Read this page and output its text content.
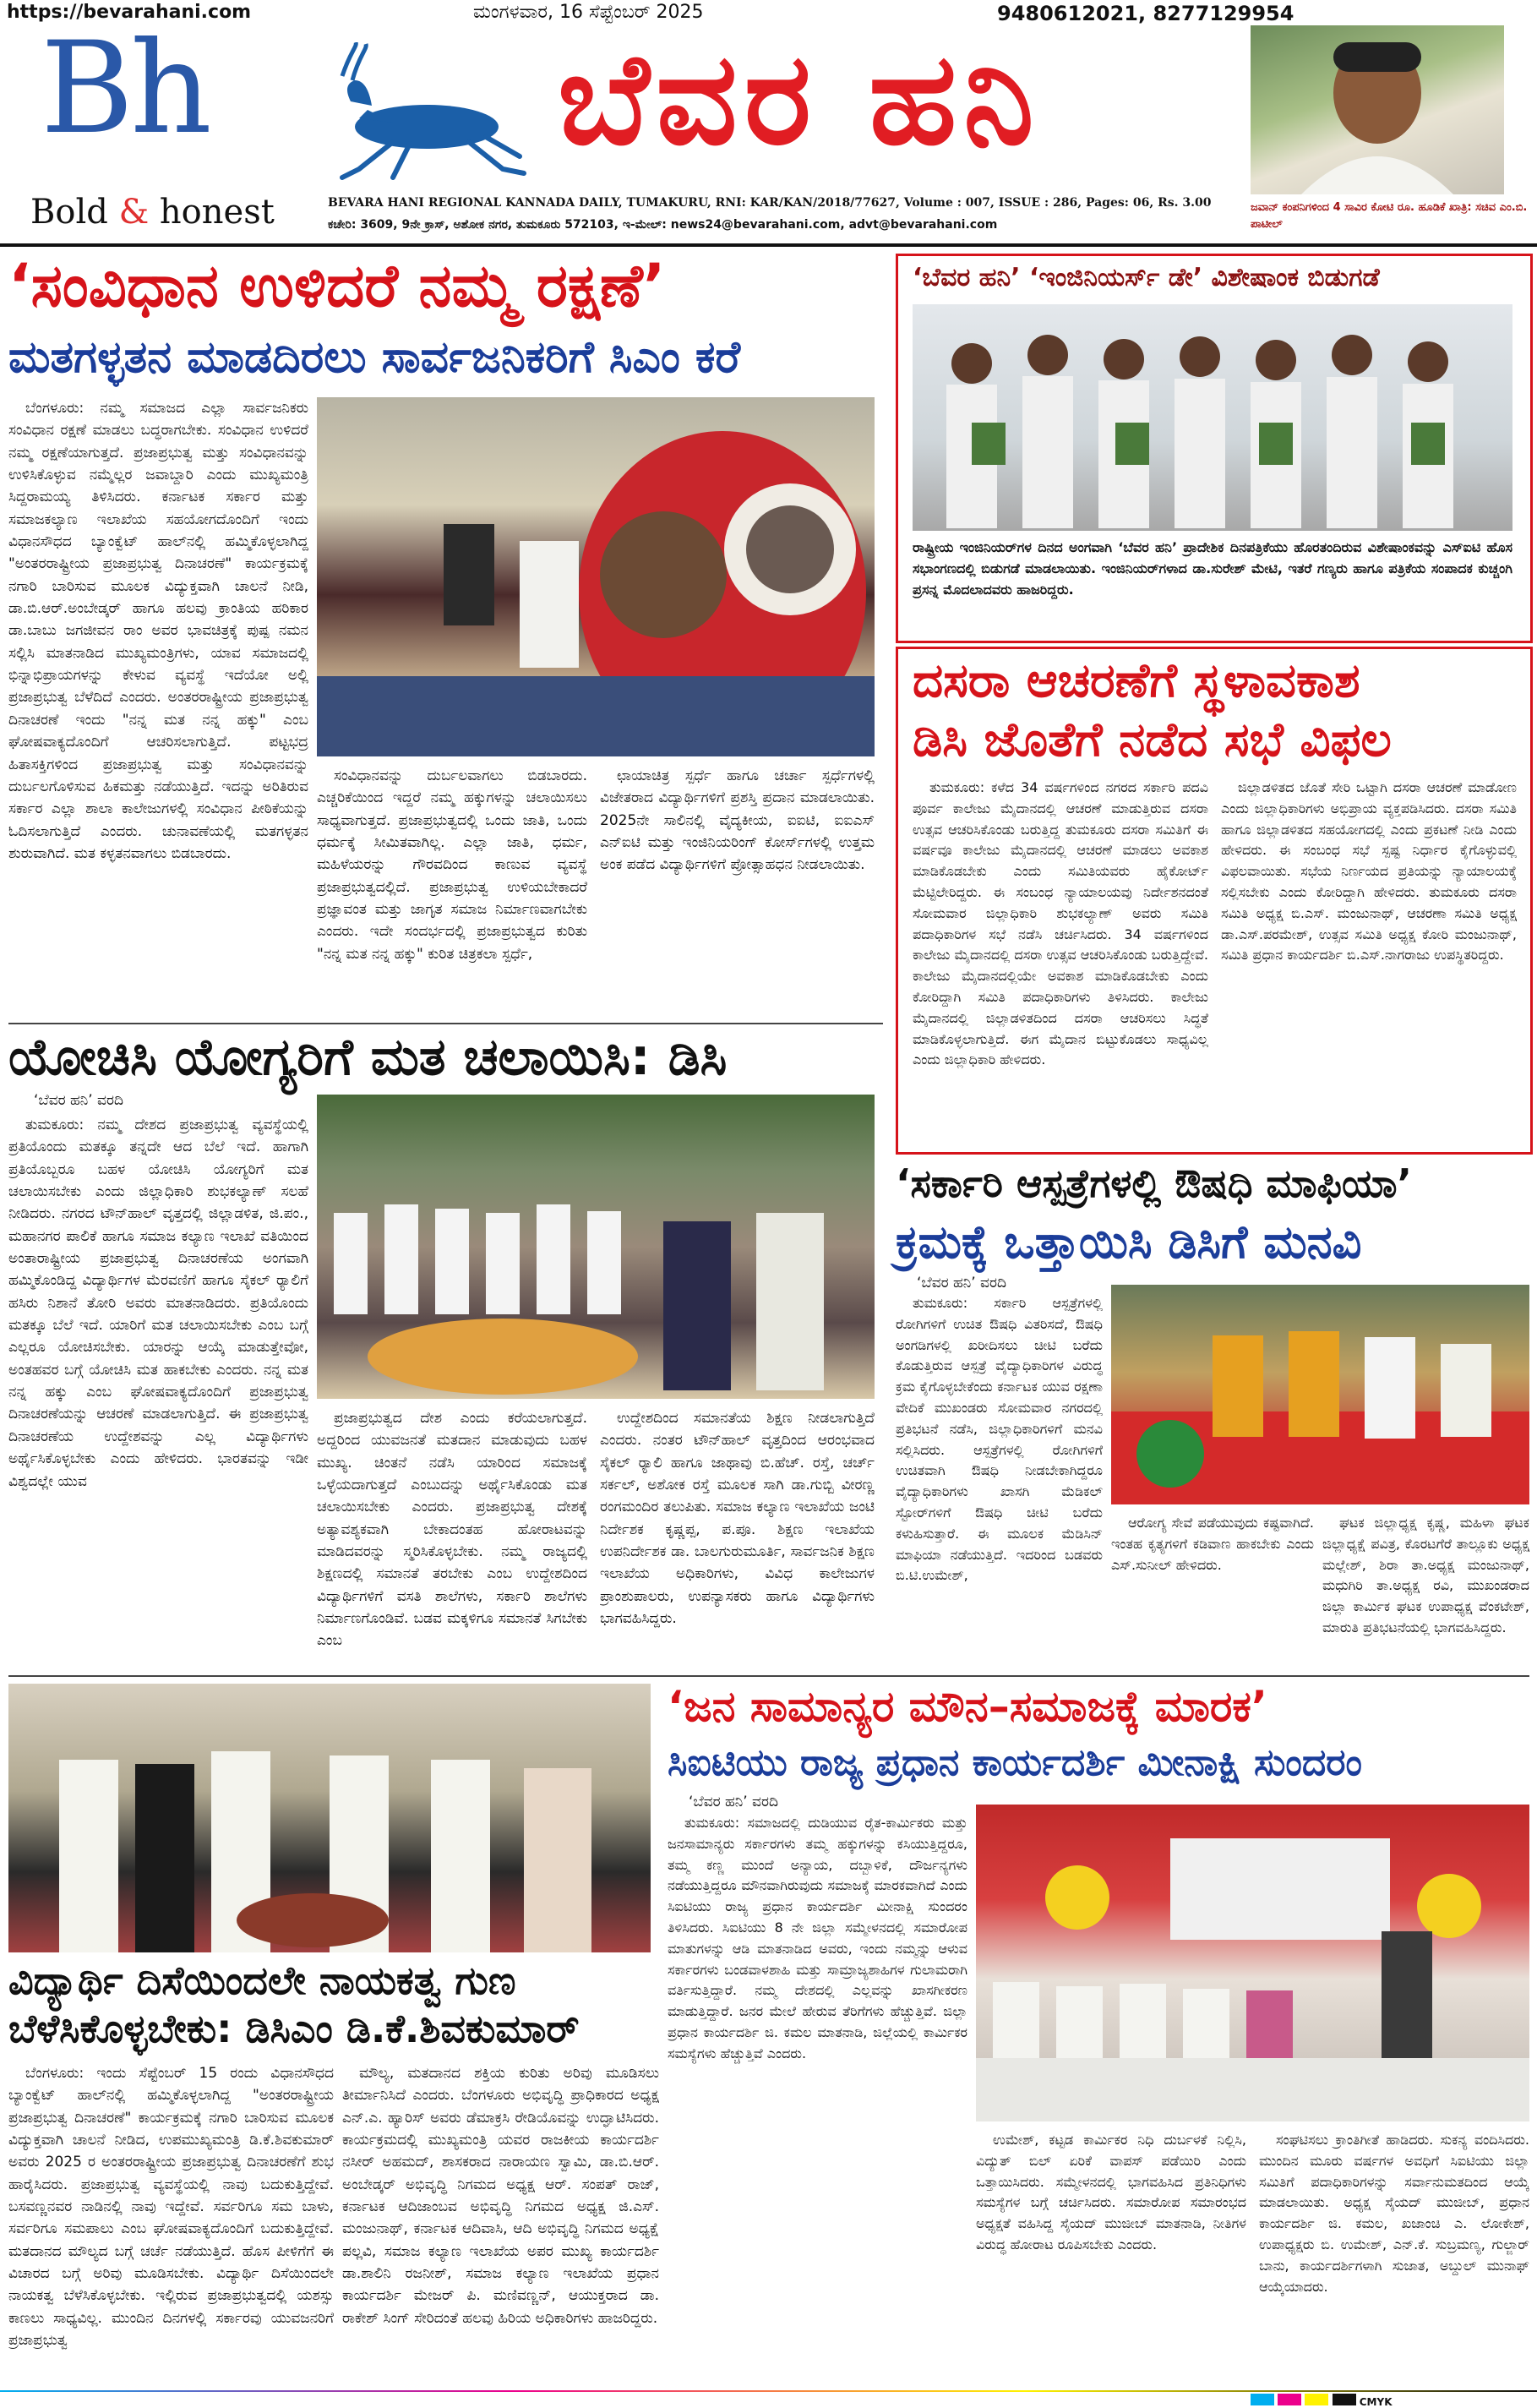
https://bevarahani.com	ಮಂಗಳವಾರ, 16 ಸೆಪ್ಟೆಂಬರ್ 2025	9480612021, 8277129954
Bh
Bold & honest
ಬೆವರ ಹನಿ
BEVARA HANI REGIONAL KANNADA DAILY, TUMAKURU, RNI: KAR/KAN/2018/77627, Volume : 007, ISSUE : 286, Pages: 06, Rs. 3.00
ಕಚೇರಿ: 3609, 9ನೇ ಕ್ರಾಸ್, ಅಶೋಕ ನಗರ, ತುಮಕೂರು 572103, ಇ-ಮೇಲ್: news24@bevarahani.com, advt@bevarahani.com
ಜವಾನ್ ಕಂಪನಿಗಳಿಂದ 4 ಸಾವಿರ ಕೋಟಿ ರೂ. ಹೂಡಿಕೆ ಖಾತ್ರಿ: ಸಚಿವ ಎಂ.ಬಿ. ಪಾಟೀಲ್
‘ಸಂವಿಧಾನ ಉಳಿದರೆ ನಮ್ಮ ರಕ್ಷಣೆ’
ಮತಗಳ್ಳತನ ಮಾಡದಿರಲು ಸಾರ್ವಜನಿಕರಿಗೆ ಸಿಎಂ ಕರೆ

ಬೆಂಗಳೂರು: ನಮ್ಮ ಸಮಾಜದ ಎಲ್ಲಾ ಸಾರ್ವಜನಿಕರು ಸಂವಿಧಾನ ರಕ್ಷಣೆ ಮಾಡಲು ಬದ್ಧರಾಗಬೇಕು. ಸಂವಿಧಾನ ಉಳಿದರೆ ನಮ್ಮ ರಕ್ಷಣೆಯಾಗುತ್ತದೆ. ಪ್ರಜಾಪ್ರಭುತ್ವ ಮತ್ತು ಸಂವಿಧಾನವನ್ನು ಉಳಿಸಿಕೊಳ್ಳುವ ನಮ್ಮೆಲ್ಲರ ಜವಾಬ್ದಾರಿ ಎಂದು ಮುಖ್ಯಮಂತ್ರಿ ಸಿದ್ದರಾಮಯ್ಯ ತಿಳಿಸಿದರು. ಕರ್ನಾಟಕ ಸರ್ಕಾರ ಮತ್ತು ಸಮಾಜಕಲ್ಯಾಣ ಇಲಾಖೆಯ ಸಹಯೋಗದೊಂದಿಗೆ ಇಂದು ವಿಧಾನಸೌಧದ ಬ್ಯಾಂಕ್ವೆಟ್ ಹಾಲ್‌ನಲ್ಲಿ ಹಮ್ಮಿಕೊಳ್ಳಲಾಗಿದ್ದ "ಅಂತರರಾಷ್ಟ್ರೀಯ ಪ್ರಜಾಪ್ರಭುತ್ವ ದಿನಾಚರಣೆ" ಕಾರ್ಯಕ್ರಮಕ್ಕೆ ನಗಾರಿ ಬಾರಿಸುವ ಮೂಲಕ ವಿದ್ಯುಕ್ತವಾಗಿ ಚಾಲನೆ ನೀಡಿ, ಡಾ.ಬಿ.ಆರ್.ಅಂಬೇಡ್ಕರ್ ಹಾಗೂ ಹಲವು ಕ್ರಾಂತಿಯ ಹರಿಕಾರ ಡಾ.ಬಾಬು ಜಗಜೀವನ ರಾಂ ಅವರ ಭಾವಚಿತ್ರಕ್ಕೆ ಪುಷ್ಪ ನಮನ ಸಲ್ಲಿಸಿ ಮಾತನಾಡಿದ ಮುಖ್ಯಮಂತ್ರಿಗಳು, ಯಾವ ಸಮಾಜದಲ್ಲಿ ಭಿನ್ನಾಭಿಪ್ರಾಯಗಳನ್ನು ಕೇಳುವ ವ್ಯವಸ್ಥೆ ಇದೆಯೋ ಅಲ್ಲಿ ಪ್ರಜಾಪ್ರಭುತ್ವ ಬೆಳೆದಿದೆ ಎಂದರು. ಅಂತರರಾಷ್ಟ್ರೀಯ ಪ್ರಜಾಪ್ರಭುತ್ವ ದಿನಾಚರಣೆ ಇಂದು "ನನ್ನ ಮತ ನನ್ನ ಹಕ್ಕು" ಎಂಬ ಘೋಷವಾಕ್ಯದೊಂದಿಗೆ ಆಚರಿಸಲಾಗುತ್ತಿದೆ. ಪಟ್ಟಭದ್ರ ಹಿತಾಸಕ್ತಿಗಳಿಂದ ಪ್ರಜಾಪ್ರಭುತ್ವ ಮತ್ತು ಸಂವಿಧಾನವನ್ನು ದುರ್ಬಲಗೊಳಿಸುವ ಹಿಕಮತ್ತು ನಡೆಯುತ್ತಿದೆ. ಇದನ್ನು ಅರಿತಿರುವ ಸರ್ಕಾರ ಎಲ್ಲಾ ಶಾಲಾ ಕಾಲೇಜುಗಳಲ್ಲಿ ಸಂವಿಧಾನ ಪೀಠಿಕೆಯನ್ನು ಓದಿಸಲಾಗುತ್ತಿದೆ ಎಂದರು. ಚುನಾವಣೆಯಲ್ಲಿ ಮತಗಳ್ಳತನ ಶುರುವಾಗಿದೆ. ಮತ ಕಳ್ಳತನವಾಗಲು ಬಿಡಬಾರದು.

ಸಂವಿಧಾನವನ್ನು ದುರ್ಬಲವಾಗಲು ಬಿಡಬಾರದು. ಎಚ್ಚರಿಕೆಯಿಂದ ಇದ್ದರೆ ನಮ್ಮ ಹಕ್ಕುಗಳನ್ನು ಚಲಾಯಿಸಲು ಸಾಧ್ಯವಾಗುತ್ತದೆ. ಪ್ರಜಾಪ್ರಭುತ್ವದಲ್ಲಿ ಒಂದು ಜಾತಿ, ಒಂದು ಧರ್ಮಕ್ಕೆ ಸೀಮಿತವಾಗಿಲ್ಲ. ಎಲ್ಲಾ ಜಾತಿ, ಧರ್ಮ, ಮಹಿಳೆಯರನ್ನು ಗೌರವದಿಂದ ಕಾಣುವ ವ್ಯವಸ್ಥೆ ಪ್ರಜಾಪ್ರಭುತ್ವದಲ್ಲಿದೆ. ಪ್ರಜಾಪ್ರಭುತ್ವ ಉಳಿಯಬೇಕಾದರೆ ಪ್ರಜ್ಞಾವಂತ ಮತ್ತು ಜಾಗೃತ ಸಮಾಜ ನಿರ್ಮಾಣವಾಗಬೇಕು ಎಂದರು. ಇದೇ ಸಂದರ್ಭದಲ್ಲಿ ಪ್ರಜಾಪ್ರಭುತ್ವದ ಕುರಿತು "ನನ್ನ ಮತ ನನ್ನ ಹಕ್ಕು" ಕುರಿತ ಚಿತ್ರಕಲಾ ಸ್ಪರ್ಧೆ,

ಛಾಯಾಚಿತ್ರ ಸ್ಪರ್ಧೆ ಹಾಗೂ ಚರ್ಚಾ ಸ್ಪರ್ಧೆಗಳಲ್ಲಿ ವಿಜೇತರಾದ ವಿದ್ಯಾರ್ಥಿಗಳಿಗೆ ಪ್ರಶಸ್ತಿ ಪ್ರದಾನ ಮಾಡಲಾಯಿತು. 2025ನೇ ಸಾಲಿನಲ್ಲಿ ವೈದ್ಯಕೀಯ, ಐಐಟಿ, ಐಐಎಸ್ ಎನ್ಐಟಿ ಮತ್ತು ಇಂಜಿನಿಯರಿಂಗ್ ಕೋರ್ಸ್‌ಗಳಲ್ಲಿ ಉತ್ತಮ ಅಂಕ ಪಡೆದ ವಿದ್ಯಾರ್ಥಿಗಳಿಗೆ ಪ್ರೋತ್ಸಾಹಧನ ನೀಡಲಾಯಿತು.

‘ಬೆವರ ಹನಿ’ ‘ಇಂಜಿನಿಯರ್ಸ್ ಡೇ’ ವಿಶೇಷಾಂಕ ಬಿಡುಗಡೆ
ರಾಷ್ಟ್ರೀಯ ಇಂಜಿನಿಯರ್‌ಗಳ ದಿನದ ಅಂಗವಾಗಿ ‘ಬೆವರ ಹನಿ’ ಪ್ರಾದೇಶಿಕ ದಿನಪತ್ರಿಕೆಯು ಹೊರತಂದಿರುವ ವಿಶೇಷಾಂಕವನ್ನು ಎಸ್ಐಟಿ ಹೊಸ ಸಭಾಂಗಣದಲ್ಲಿ ಬಿಡುಗಡೆ ಮಾಡಲಾಯಿತು. ಇಂಜಿನಿಯರ್‌ಗಳಾದ ಡಾ.ಸುರೇಶ್ ಮೇಟಿ, ಇತರೆ ಗಣ್ಯರು ಹಾಗೂ ಪತ್ರಿಕೆಯ ಸಂಪಾದಕ ಕುಚ್ಚಂಗಿ ಪ್ರಸನ್ನ ಮೊದಲಾದವರು ಹಾಜರಿದ್ದರು.
ದಸರಾ ಆಚರಣೆಗೆ ಸ್ಥಳಾವಕಾಶ
ಡಿಸಿ ಜೊತೆಗೆ ನಡೆದ ಸಭೆ ವಿಫಲ

ತುಮಕೂರು: ಕಳೆದ 34 ವರ್ಷಗಳಿಂದ ನಗರದ ಸರ್ಕಾರಿ ಪದವಿ ಪೂರ್ವ ಕಾಲೇಜು ಮೈದಾನದಲ್ಲಿ ಆಚರಣೆ ಮಾಡುತ್ತಿರುವ ದಸರಾ ಉತ್ಸವ ಆಚರಿಸಿಕೊಂಡು ಬರುತ್ತಿದ್ದ ತುಮಕೂರು ದಸರಾ ಸಮಿತಿಗೆ ಈ ವರ್ಷವೂ ಕಾಲೇಜು ಮೈದಾನದಲ್ಲಿ ಆಚರಣೆ ಮಾಡಲು ಅವಕಾಶ ಮಾಡಿಕೊಡಬೇಕು ಎಂದು ಸಮಿತಿಯವರು ಹೈಕೋರ್ಟ್ ಮೆಟ್ಟಿಲೇರಿದ್ದರು. ಈ ಸಂಬಂಧ ನ್ಯಾಯಾಲಯವು ನಿರ್ದೇಶನದಂತೆ ಸೋಮವಾರ ಜಿಲ್ಲಾಧಿಕಾರಿ ಶುಭಕಲ್ಯಾಣ್ ಅವರು ಸಮಿತಿ ಪದಾಧಿಕಾರಿಗಳ ಸಭೆ ನಡೆಸಿ ಚರ್ಚಿಸಿದರು. 34 ವರ್ಷಗಳಿಂದ ಕಾಲೇಜು ಮೈದಾನದಲ್ಲಿ ದಸರಾ ಉತ್ಸವ ಆಚರಿಸಿಕೊಂಡು ಬರುತ್ತಿದ್ದೇವೆ. ಕಾಲೇಜು ಮೈದಾನದಲ್ಲಿಯೇ ಅವಕಾಶ ಮಾಡಿಕೊಡಬೇಕು ಎಂದು ಕೋರಿದ್ದಾಗಿ ಸಮಿತಿ ಪದಾಧಿಕಾರಿಗಳು ತಿಳಿಸಿದರು. ಕಾಲೇಜು ಮೈದಾನದಲ್ಲಿ ಜಿಲ್ಲಾಡಳಿತದಿಂದ ದಸರಾ ಆಚರಿಸಲು ಸಿದ್ಧತೆ ಮಾಡಿಕೊಳ್ಳಲಾಗುತ್ತಿದೆ. ಈಗ ಮೈದಾನ ಬಿಟ್ಟುಕೊಡಲು ಸಾಧ್ಯವಿಲ್ಲ ಎಂದು ಜಿಲ್ಲಾಧಿಕಾರಿ ಹೇಳಿದರು.

ಜಿಲ್ಲಾಡಳಿತದ ಜೊತೆ ಸೇರಿ ಒಟ್ಟಾಗಿ ದಸರಾ ಆಚರಣೆ ಮಾಡೋಣ ಎಂದು ಜಿಲ್ಲಾಧಿಕಾರಿಗಳು ಅಭಿಪ್ರಾಯ ವ್ಯಕ್ತಪಡಿಸಿದರು. ದಸರಾ ಸಮಿತಿ ಹಾಗೂ ಜಿಲ್ಲಾಡಳಿತದ ಸಹಯೋಗದಲ್ಲಿ ಎಂದು ಪ್ರಕಟಣೆ ನೀಡಿ ಎಂದು ಹೇಳಿದರು. ಈ ಸಂಬಂಧ ಸಭೆ ಸ್ಪಷ್ಟ ನಿರ್ಧಾರ ಕೈಗೊಳ್ಳುವಲ್ಲಿ ವಿಫಲವಾಯಿತು. ಸಭೆಯ ನಿರ್ಣಯದ ಪ್ರತಿಯನ್ನು ನ್ಯಾಯಾಲಯಕ್ಕೆ ಸಲ್ಲಿಸಬೇಕು ಎಂದು ಕೋರಿದ್ದಾಗಿ ಹೇಳಿದರು. ತುಮಕೂರು ದಸರಾ ಸಮಿತಿ ಅಧ್ಯಕ್ಷ ಬಿ.ಎಸ್. ಮಂಜುನಾಥ್, ಆಚರಣಾ ಸಮಿತಿ ಅಧ್ಯಕ್ಷ ಡಾ.ಎಸ್.ಪರಮೇಶ್, ಉತ್ಸವ ಸಮಿತಿ ಅಧ್ಯಕ್ಷ ಕೋರಿ ಮಂಜುನಾಥ್, ಸಮಿತಿ ಪ್ರಧಾನ ಕಾರ್ಯದರ್ಶಿ ಬಿ.ಎಸ್.ನಾಗರಾಜು ಉಪಸ್ಥಿತರಿದ್ದರು.

ಯೋಚಿಸಿ ಯೋಗ್ಯರಿಗೆ ಮತ ಚಲಾಯಿಸಿ: ಡಿಸಿ
‘ಬೆವರ ಹನಿ’ ವರದಿ

ತುಮಕೂರು: ನಮ್ಮ ದೇಶದ ಪ್ರಜಾಪ್ರಭುತ್ವ ವ್ಯವಸ್ಥೆಯಲ್ಲಿ ಪ್ರತಿಯೊಂದು ಮತಕ್ಕೂ ತನ್ನದೇ ಆದ ಬೆಲೆ ಇದೆ. ಹಾಗಾಗಿ ಪ್ರತಿಯೊಬ್ಬರೂ ಬಹಳ ಯೋಚಿಸಿ ಯೋಗ್ಯರಿಗೆ ಮತ ಚಲಾಯಿಸಬೇಕು ಎಂದು ಜಿಲ್ಲಾಧಿಕಾರಿ ಶುಭಕಲ್ಯಾಣ್ ಸಲಹೆ ನೀಡಿದರು. ನಗರದ ಟೌನ್‌ಹಾಲ್ ವೃತ್ತದಲ್ಲಿ ಜಿಲ್ಲಾಡಳಿತ, ಜಿ.ಪಂ., ಮಹಾನಗರ ಪಾಲಿಕೆ ಹಾಗೂ ಸಮಾಜ ಕಲ್ಯಾಣ ಇಲಾಖೆ ವತಿಯಿಂದ ಅಂತಾರಾಷ್ಟ್ರೀಯ ಪ್ರಜಾಪ್ರಭುತ್ವ ದಿನಾಚರಣೆಯ ಅಂಗವಾಗಿ ಹಮ್ಮಿಕೊಂಡಿದ್ದ ವಿದ್ಯಾರ್ಥಿಗಳ ಮೆರವಣಿಗೆ ಹಾಗೂ ಸೈಕಲ್ ರ‍್ಯಾಲಿಗೆ ಹಸಿರು ನಿಶಾನೆ ತೋರಿ ಅವರು ಮಾತನಾಡಿದರು. ಪ್ರತಿಯೊಂದು ಮತಕ್ಕೂ ಬೆಲೆ ಇದೆ. ಯಾರಿಗೆ ಮತ ಚಲಾಯಿಸಬೇಕು ಎಂಬ ಬಗ್ಗೆ ಎಲ್ಲರೂ ಯೋಚಿಸಬೇಕು. ಯಾರನ್ನು ಆಯ್ಕೆ ಮಾಡುತ್ತೇವೋ, ಅಂತಹವರ ಬಗ್ಗೆ ಯೋಚಿಸಿ ಮತ ಹಾಕಬೇಕು ಎಂದರು. ನನ್ನ ಮತ ನನ್ನ ಹಕ್ಕು ಎಂಬ ಘೋಷವಾಕ್ಯದೊಂದಿಗೆ ಪ್ರಜಾಪ್ರಭುತ್ವ ದಿನಾಚರಣೆಯನ್ನು ಆಚರಣೆ ಮಾಡಲಾಗುತ್ತಿದೆ. ಈ ಪ್ರಜಾಪ್ರಭುತ್ವ ದಿನಾಚರಣೆಯ ಉದ್ದೇಶವನ್ನು ಎಲ್ಲ ವಿದ್ಯಾರ್ಥಿಗಳು ಅರ್ಥೈಸಿಕೊಳ್ಳಬೇಕು ಎಂದು ಹೇಳಿದರು. ಭಾರತವನ್ನು ಇಡೀ ವಿಶ್ವದಲ್ಲೇ ಯುವ

ಪ್ರಜಾಪ್ರಭುತ್ವದ ದೇಶ ಎಂದು ಕರೆಯಲಾಗುತ್ತದೆ. ಅದ್ದರಿಂದ ಯುವಜನತೆ ಮತದಾನ ಮಾಡುವುದು ಬಹಳ ಮುಖ್ಯ. ಚಿಂತನೆ ನಡೆಸಿ ಯಾರಿಂದ ಸಮಾಜಕ್ಕೆ ಒಳ್ಳೆಯದಾಗುತ್ತದೆ ಎಂಬುದನ್ನು ಅರ್ಥೈಸಿಕೊಂಡು ಮತ ಚಲಾಯಿಸಬೇಕು ಎಂದರು. ಪ್ರಜಾಪ್ರಭುತ್ವ ದೇಶಕ್ಕೆ ಅತ್ಯಾವಶ್ಯಕವಾಗಿ ಬೇಕಾದಂತಹ ಹೋರಾಟವನ್ನು ಮಾಡಿದವರನ್ನು ಸ್ಮರಿಸಿಕೊಳ್ಳಬೇಕು. ನಮ್ಮ ರಾಜ್ಯದಲ್ಲಿ ಶಿಕ್ಷಣದಲ್ಲಿ ಸಮಾನತೆ ತರಬೇಕು ಎಂಬ ಉದ್ದೇಶದಿಂದ ವಿದ್ಯಾರ್ಥಿಗಳಿಗೆ ವಸತಿ ಶಾಲೆಗಳು, ಸರ್ಕಾರಿ ಶಾಲೆಗಳು ನಿರ್ಮಾಣಗೊಂಡಿವೆ. ಬಡವ ಮಕ್ಕಳಿಗೂ ಸಮಾನತೆ ಸಿಗಬೇಕು ಎಂಬ

ಉದ್ದೇಶದಿಂದ ಸಮಾನತೆಯ ಶಿಕ್ಷಣ ನೀಡಲಾಗುತ್ತಿದೆ ಎಂದರು. ನಂತರ ಟೌನ್‌ಹಾಲ್ ವೃತ್ತದಿಂದ ಆರಂಭವಾದ ಸೈಕಲ್ ರ‍್ಯಾಲಿ ಹಾಗೂ ಜಾಥಾವು ಬಿ.ಹೆಚ್. ರಸ್ತೆ, ಚರ್ಚ್ ಸರ್ಕಲ್, ಅಶೋಕ ರಸ್ತೆ ಮೂಲಕ ಸಾಗಿ ಡಾ.ಗುಬ್ಬಿ ವೀರಣ್ಣ ರಂಗಮಂದಿರ ತಲುಪಿತು. ಸಮಾಜ ಕಲ್ಯಾಣ ಇಲಾಖೆಯ ಜಂಟಿ ನಿರ್ದೇಶಕ ಕೃಷ್ಣಪ್ಪ, ಪ.ಪೂ. ಶಿಕ್ಷಣ ಇಲಾಖೆಯ ಉಪನಿರ್ದೇಶಕ ಡಾ. ಬಾಲಗುರುಮೂರ್ತಿ, ಸಾರ್ವಜನಿಕ ಶಿಕ್ಷಣ ಇಲಾಖೆಯ ಅಧಿಕಾರಿಗಳು, ವಿವಿಧ ಕಾಲೇಜುಗಳ ಪ್ರಾಂಶುಪಾಲರು, ಉಪನ್ಯಾಸಕರು ಹಾಗೂ ವಿದ್ಯಾರ್ಥಿಗಳು ಭಾಗವಹಿಸಿದ್ದರು.

‘ಸರ್ಕಾರಿ ಆಸ್ಪತ್ರೆಗಳಲ್ಲಿ ಔಷಧಿ ಮಾಫಿಯಾ’
ಕ್ರಮಕ್ಕೆ ಒತ್ತಾಯಿಸಿ ಡಿಸಿಗೆ ಮನವಿ
‘ಬೆವರ ಹನಿ’ ವರದಿ

ತುಮಕೂರು: ಸರ್ಕಾರಿ ಆಸ್ಪತ್ರೆಗಳಲ್ಲಿ ರೋಗಿಗಳಿಗೆ ಉಚಿತ ಔಷಧಿ ವಿತರಿಸದೆ, ಔಷಧಿ ಅಂಗಡಿಗಳಲ್ಲಿ ಖರೀದಿಸಲು ಚೀಟಿ ಬರೆದು ಕೊಡುತ್ತಿರುವ ಆಸ್ಪತ್ರೆ ವೈದ್ಯಾಧಿಕಾರಿಗಳ ವಿರುದ್ಧ ಕ್ರಮ ಕೈಗೊಳ್ಳಬೇಕೆಂದು ಕರ್ನಾಟಕ ಯುವ ರಕ್ಷಣಾ ವೇದಿಕೆ ಮುಖಂಡರು ಸೋಮವಾರ ನಗರದಲ್ಲಿ ಪ್ರತಿಭಟನೆ ನಡೆಸಿ, ಜಿಲ್ಲಾಧಿಕಾರಿಗಳಿಗೆ ಮನವಿ ಸಲ್ಲಿಸಿದರು. ಆಸ್ಪತ್ರೆಗಳಲ್ಲಿ ರೋಗಿಗಳಿಗೆ ಉಚಿತವಾಗಿ ಔಷಧಿ ನೀಡಬೇಕಾಗಿದ್ದರೂ ವೈದ್ಯಾಧಿಕಾರಿಗಳು ಖಾಸಗಿ ಮೆಡಿಕಲ್ ಸ್ಟೋರ್‌ಗಳಿಗೆ ಔಷಧಿ ಚೀಟಿ ಬರೆದು ಕಳುಹಿಸುತ್ತಾರೆ. ಈ ಮೂಲಕ ಮೆಡಿಸಿನ್ ಮಾಫಿಯಾ ನಡೆಯುತ್ತಿದೆ. ಇದರಿಂದ ಬಡವರು ಬಿ.ಟಿ.ಉಮೇಶ್,

ಆರೋಗ್ಯ ಸೇವೆ ಪಡೆಯುವುದು ಕಷ್ಟವಾಗಿದೆ. ಇಂತಹ ಕೃತ್ಯಗಳಿಗೆ ಕಡಿವಾಣ ಹಾಕಬೇಕು ಎಂದು ಎಸ್.ಸುನೀಲ್ ಹೇಳಿದರು.

ಘಟಕ ಜಿಲ್ಲಾಧ್ಯಕ್ಷ ಕೃಷ್ಣ, ಮಹಿಳಾ ಘಟಕ ಜಿಲ್ಲಾಧ್ಯಕ್ಷೆ ಪವಿತ್ರ, ಕೊರಟಗೆರೆ ತಾಲ್ಲೂಕು ಅಧ್ಯಕ್ಷ ಮಲ್ಲೇಶ್, ಶಿರಾ ತಾ.ಅಧ್ಯಕ್ಷ ಮಂಜುನಾಥ್, ಮಧುಗಿರಿ ತಾ.ಅಧ್ಯಕ್ಷ ರವಿ, ಮುಖಂಡರಾದ ಜಿಲ್ಲಾ ಕಾರ್ಮಿಕ ಘಟಕ ಉಪಾಧ್ಯಕ್ಷ ವೆಂಕಟೇಶ್, ಮಾರುತಿ ಪ್ರತಿಭಟನೆಯಲ್ಲಿ ಭಾಗವಹಿಸಿದ್ದರು.

ವಿದ್ಯಾರ್ಥಿ ದಿಸೆಯಿಂದಲೇ ನಾಯಕತ್ವ ಗುಣ
ಬೆಳೆಸಿಕೊಳ್ಳಬೇಕು: ಡಿಸಿಎಂ ಡಿ.ಕೆ.ಶಿವಕುಮಾರ್

ಬೆಂಗಳೂರು: ಇಂದು ಸೆಪ್ಟೆಂಬರ್ 15 ರಂದು ವಿಧಾನಸೌಧದ ಬ್ಯಾಂಕ್ವೆಟ್ ಹಾಲ್‌ನಲ್ಲಿ ಹಮ್ಮಿಕೊಳ್ಳಲಾಗಿದ್ದ "ಅಂತರರಾಷ್ಟ್ರೀಯ ಪ್ರಜಾಪ್ರಭುತ್ವ ದಿನಾಚರಣೆ" ಕಾರ್ಯಕ್ರಮಕ್ಕೆ ನಗಾರಿ ಬಾರಿಸುವ ಮೂಲಕ ವಿದ್ಯುಕ್ತವಾಗಿ ಚಾಲನೆ ನೀಡಿದ, ಉಪಮುಖ್ಯಮಂತ್ರಿ ಡಿ.ಕೆ.ಶಿವಕುಮಾರ್ ಅವರು 2025 ರ ಅಂತರರಾಷ್ಟ್ರೀಯ ಪ್ರಜಾಪ್ರಭುತ್ವ ದಿನಾಚರಣೆಗೆ ಶುಭ ಹಾರೈಸಿದರು. ಪ್ರಜಾಪ್ರಭುತ್ವ ವ್ಯವಸ್ಥೆಯಲ್ಲಿ ನಾವು ಬದುಕುತ್ತಿದ್ದೇವೆ. ಬಸವಣ್ಣನವರ ನಾಡಿನಲ್ಲಿ ನಾವು ಇದ್ದೇವೆ. ಸರ್ವರಿಗೂ ಸಮ ಬಾಳು, ಸರ್ವರಿಗೂ ಸಮಪಾಲು ಎಂಬ ಘೋಷವಾಕ್ಯದೊಂದಿಗೆ ಬದುಕುತ್ತಿದ್ದೇವೆ. ಮತದಾನದ ಮೌಲ್ಯದ ಬಗ್ಗೆ ಚರ್ಚೆ ನಡೆಯುತ್ತಿದೆ. ಹೊಸ ಪೀಳಿಗೆಗೆ ಈ ವಿಚಾರದ ಬಗ್ಗೆ ಅರಿವು ಮೂಡಿಸಬೇಕು. ವಿದ್ಯಾರ್ಥಿ ದಿಸೆಯಿಂದಲೇ ನಾಯಕತ್ವ ಬೆಳೆಸಿಕೊಳ್ಳಬೇಕು. ಇಲ್ಲಿರುವ ಪ್ರಜಾಪ್ರಭುತ್ವದಲ್ಲಿ ಯಶಸ್ಸು ಕಾಣಲು ಸಾಧ್ಯವಿಲ್ಲ. ಮುಂದಿನ ದಿನಗಳಲ್ಲಿ ಸರ್ಕಾರವು ಯುವಜನರಿಗೆ ಪ್ರಜಾಪ್ರಭುತ್ವ

ಮೌಲ್ಯ, ಮತದಾನದ ಶಕ್ತಿಯ ಕುರಿತು ಅರಿವು ಮೂಡಿಸಲು ತೀರ್ಮಾನಿಸಿದೆ ಎಂದರು. ಬೆಂಗಳೂರು ಅಭಿವೃದ್ಧಿ ಪ್ರಾಧಿಕಾರದ ಅಧ್ಯಕ್ಷ ಎನ್.ಎ. ಹ್ಯಾರಿಸ್ ಅವರು ಡೆಮಾಕ್ರಸಿ ರೇಡಿಯೊವನ್ನು ಉದ್ಘಾಟಿಸಿದರು. ಕಾರ್ಯಕ್ರಮದಲ್ಲಿ ಮುಖ್ಯಮಂತ್ರಿ ಯವರ ರಾಜಕೀಯ ಕಾರ್ಯದರ್ಶಿ ನಸೀರ್ ಅಹಮದ್, ಶಾಸಕರಾದ ನಾರಾಯಣ ಸ್ವಾಮಿ, ಡಾ.ಬಿ.ಆರ್. ಅಂಬೇಡ್ಕರ್ ಅಭಿವೃದ್ಧಿ ನಿಗಮದ ಅಧ್ಯಕ್ಷ ಆರ್. ಸಂಪತ್ ರಾಜ್, ಕರ್ನಾಟಕ ಆದಿಜಾಂಬವ ಅಭಿವೃದ್ಧಿ ನಿಗಮದ ಅಧ್ಯಕ್ಷ ಜಿ.ಎಸ್. ಮಂಜುನಾಥ್, ಕರ್ನಾಟಕ ಆದಿವಾಸಿ, ಆದಿ ಅಭಿವೃದ್ಧಿ ನಿಗಮದ ಅಧ್ಯಕ್ಷೆ ಪಲ್ಲವಿ, ಸಮಾಜ ಕಲ್ಯಾಣ ಇಲಾಖೆಯ ಅಪರ ಮುಖ್ಯ ಕಾರ್ಯದರ್ಶಿ ಡಾ.ಶಾಲಿನಿ ರಜನೀಶ್, ಸಮಾಜ ಕಲ್ಯಾಣ ಇಲಾಖೆಯ ಪ್ರಧಾನ ಕಾರ್ಯದರ್ಶಿ ಮೇಜರ್ ಪಿ. ಮಣಿವಣ್ಣನ್, ಆಯುಕ್ತರಾದ ಡಾ. ರಾಕೇಶ್ ಸಿಂಗ್ ಸೇರಿದಂತೆ ಹಲವು ಹಿರಿಯ ಅಧಿಕಾರಿಗಳು ಹಾಜರಿದ್ದರು.

‘ಜನ ಸಾಮಾನ್ಯರ ಮೌನ–ಸಮಾಜಕ್ಕೆ ಮಾರಕ’
ಸಿಐಟಿಯು ರಾಜ್ಯ ಪ್ರಧಾನ ಕಾರ್ಯದರ್ಶಿ ಮೀನಾಕ್ಷಿ ಸುಂದರಂ
‘ಬೆವರ ಹನಿ’ ವರದಿ

ತುಮಕೂರು: ಸಮಾಜದಲ್ಲಿ ದುಡಿಯುವ ರೈತ-ಕಾರ್ಮಿಕರು ಮತ್ತು ಜನಸಾಮಾನ್ಯರು ಸರ್ಕಾರಗಳು ತಮ್ಮ ಹಕ್ಕುಗಳನ್ನು ಕಸಿಯುತ್ತಿದ್ದರೂ, ತಮ್ಮ ಕಣ್ಣ ಮುಂದೆ ಅನ್ಯಾಯ, ದಬ್ಬಾಳಿಕೆ, ದೌರ್ಜನ್ಯಗಳು ನಡೆಯುತ್ತಿದ್ದರೂ ಮೌನವಾಗಿರುವುದು ಸಮಾಜಕ್ಕೆ ಮಾರಕವಾಗಿದೆ ಎಂದು ಸಿಐಟಿಯು ರಾಜ್ಯ ಪ್ರಧಾನ ಕಾರ್ಯದರ್ಶಿ ಮೀನಾಕ್ಷಿ ಸುಂದರಂ ತಿಳಿಸಿದರು. ಸಿಐಟಿಯು 8 ನೇ ಜಿಲ್ಲಾ ಸಮ್ಮೇಳನದಲ್ಲಿ ಸಮಾರೋಪ ಮಾತುಗಳನ್ನು ಆಡಿ ಮಾತನಾಡಿದ ಅವರು, ಇಂದು ನಮ್ಮನ್ನು ಆಳುವ ಸರ್ಕಾರಗಳು ಬಂಡವಾಳಶಾಹಿ ಮತ್ತು ಸಾಮ್ರಾಜ್ಯಶಾಹಿಗಳ ಗುಲಾಮರಾಗಿ ವರ್ತಿಸುತ್ತಿದ್ದಾರೆ. ನಮ್ಮ ದೇಶದಲ್ಲಿ ಎಲ್ಲವನ್ನು ಖಾಸಗೀಕರಣ ಮಾಡುತ್ತಿದ್ದಾರೆ. ಜನರ ಮೇಲೆ ಹೇರುವ ತೆರಿಗೆಗಳು ಹೆಚ್ಚುತ್ತಿವೆ. ಜಿಲ್ಲಾ ಪ್ರಧಾನ ಕಾರ್ಯದರ್ಶಿ ಜಿ. ಕಮಲ ಮಾತನಾಡಿ, ಜಿಲ್ಲೆಯಲ್ಲಿ ಕಾರ್ಮಿಕರ ಸಮಸ್ಯೆಗಳು ಹೆಚ್ಚುತ್ತಿವೆ ಎಂದರು.

ಉಮೇಶ್, ಕಟ್ಟಡ ಕಾರ್ಮಿಕರ ನಿಧಿ ದುರ್ಬಳಕೆ ನಿಲ್ಲಿಸಿ, ವಿದ್ಯುತ್ ಬಿಲ್ ಏರಿಕೆ ವಾಪಸ್ ಪಡೆಯಿರಿ ಎಂದು ಒತ್ತಾಯಿಸಿದರು. ಸಮ್ಮೇಳನದಲ್ಲಿ ಭಾಗವಹಿಸಿದ ಪ್ರತಿನಿಧಿಗಳು ಸಮಸ್ಯೆಗಳ ಬಗ್ಗೆ ಚರ್ಚಿಸಿದರು. ಸಮಾರೋಪ ಸಮಾರಂಭದ ಅಧ್ಯಕ್ಷತೆ ವಹಿಸಿದ್ದ ಸೈಯದ್ ಮುಜೀಬ್ ಮಾತನಾಡಿ, ನೀತಿಗಳ ವಿರುದ್ಧ ಹೋರಾಟ ರೂಪಿಸಬೇಕು ಎಂದರು.

ಸಂಘಟಿಸಲು ಕ್ರಾಂತಿಗೀತೆ ಹಾಡಿದರು. ಸುಕನ್ಯ ವಂದಿಸಿದರು. ಮುಂದಿನ ಮೂರು ವರ್ಷಗಳ ಅವಧಿಗೆ ಸಿಐಟಿಯು ಜಿಲ್ಲಾ ಸಮಿತಿಗೆ ಪದಾಧಿಕಾರಿಗಳನ್ನು ಸರ್ವಾನುಮತದಿಂದ ಆಯ್ಕೆ ಮಾಡಲಾಯಿತು. ಅಧ್ಯಕ್ಷ ಸೈಯದ್ ಮುಜೀಬ್, ಪ್ರಧಾನ ಕಾರ್ಯದರ್ಶಿ ಜಿ. ಕಮಲ, ಖಜಾಂಚಿ ಎ. ಲೋಕೇಶ್, ಉಪಾಧ್ಯಕ್ಷರು ಬಿ. ಉಮೇಶ್, ಎನ್.ಕೆ. ಸುಬ್ರಮಣ್ಯ, ಗುಲ್ಜಾರ್ ಬಾನು, ಕಾರ್ಯದರ್ಶಿಗಳಾಗಿ ಸುಜಾತ, ಅಬ್ದುಲ್ ಮುನಾಫ್ ಆಯ್ಕೆಯಾದರು.

CMYK
